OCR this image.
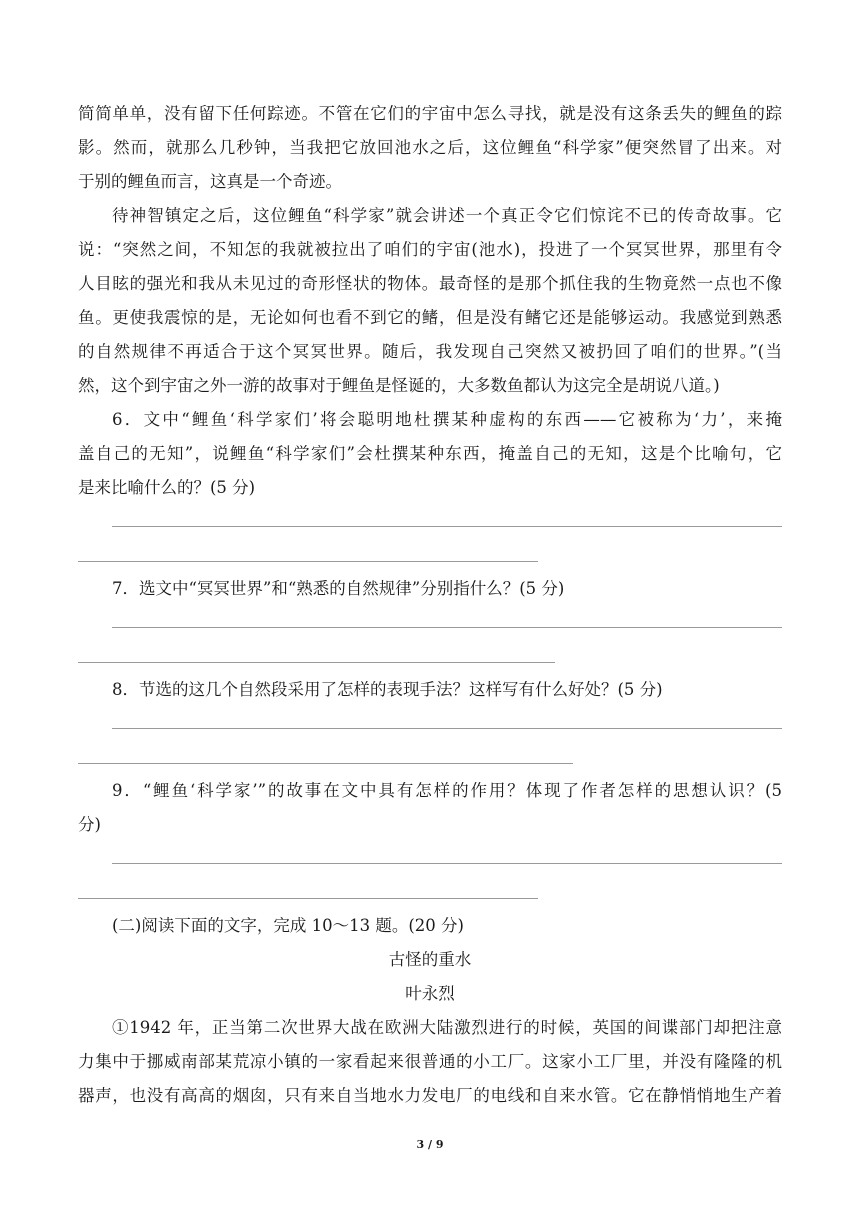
简简单单，没有留下任何踪迹。不管在它们的宇宙中怎么寻找，就是没有这条丢失的鲤鱼的踪
影。然而，就那么几秒钟，当我把它放回池水之后，这位鲤鱼“科学家”便突然冒了出来。对
于别的鲤鱼而言，这真是一个奇迹。
待神智镇定之后，这位鲤鱼“科学家”就会讲述一个真正令它们惊诧不已的传奇故事。它
说：“突然之间，不知怎的我就被拉出了咱们的宇宙(池水)，投进了一个冥冥世界，那里有令
人目眩的强光和我从未见过的奇形怪状的物体。最奇怪的是那个抓住我的生物竟然一点也不像
鱼。更使我震惊的是，无论如何也看不到它的鳍，但是没有鳍它还是能够运动。我感觉到熟悉
的自然规律不再适合于这个冥冥世界。随后，我发现自己突然又被扔回了咱们的世界。”(当
然，这个到宇宙之外一游的故事对于鲤鱼是怪诞的，大多数鱼都认为这完全是胡说八道。)
6．文中“鲤鱼‘科学家们’将会聪明地杜撰某种虚构的东西——它被称为‘力’，来掩
盖自己的无知”，说鲤鱼“科学家们”会杜撰某种东西，掩盖自己的无知，这是个比喻句，它
是来比喻什么的？(5 分)
7．选文中“冥冥世界”和“熟悉的自然规律”分别指什么？(5 分)
8．节选的这几个自然段采用了怎样的表现手法？这样写有什么好处？(5 分)
9．“鲤鱼‘科学家’”的故事在文中具有怎样的作用？体现了作者怎样的思想认识？(5
分)
(二)阅读下面的文字，完成 10～13 题。(20 分)
古怪的重水
叶永烈
①1942 年，正当第二次世界大战在欧洲大陆激烈进行的时候，英国的间谍部门却把注意
力集中于挪威南部某荒凉小镇的一家看起来很普通的小工厂。这家小工厂里，并没有隆隆的机
器声，也没有高高的烟囱，只有来自当地水力发电厂的电线和自来水管。它在静悄悄地生产着
3 / 9
